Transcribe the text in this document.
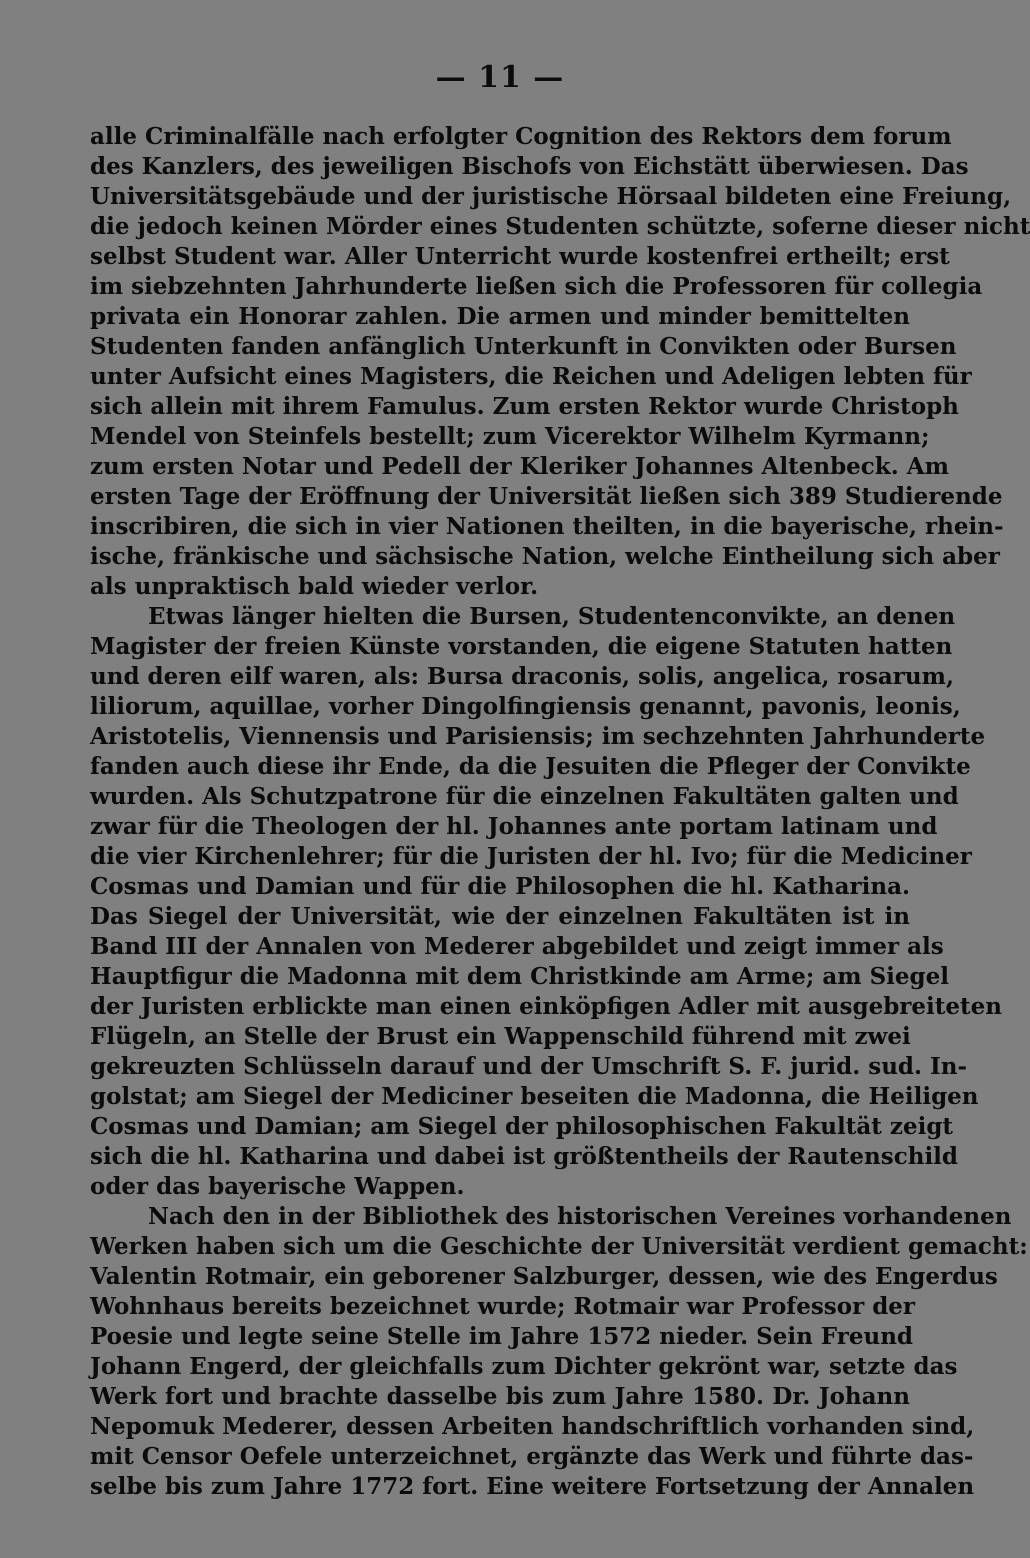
— 11 —
alle Criminalfälle nach erfolgter Cognition des Rektors dem forum
des Kanzlers, des jeweiligen Bischofs von Eichstätt überwiesen. Das
Universitätsgebäude und der juristische Hörsaal bildeten eine Freiung,
die jedoch keinen Mörder eines Studenten schützte, soferne dieser nicht
selbst Student war. Aller Unterricht wurde kostenfrei ertheilt; erst
im siebzehnten Jahrhunderte ließen sich die Professoren für collegia
privata ein Honorar zahlen. Die armen und minder bemittelten
Studenten fanden anfänglich Unterkunft in Convikten oder Bursen
unter Aufsicht eines Magisters, die Reichen und Adeligen lebten für
sich allein mit ihrem Famulus. Zum ersten Rektor wurde Christoph
Mendel von Steinfels bestellt; zum Vicerektor Wilhelm Kyrmann;
zum ersten Notar und Pedell der Kleriker Johannes Altenbeck. Am
ersten Tage der Eröffnung der Universität ließen sich 389 Studierende
inscribiren, die sich in vier Nationen theilten, in die bayerische, rhein-
ische, fränkische und sächsische Nation, welche Eintheilung sich aber
als unpraktisch bald wieder verlor.
Etwas länger hielten die Bursen, Studentenconvikte, an denen
Magister der freien Künste vorstanden, die eigene Statuten hatten
und deren eilf waren, als: Bursa draconis, solis, angelica, rosarum,
liliorum, aquillae, vorher Dingolfingiensis genannt, pavonis, leonis,
Aristotelis, Viennensis und Parisiensis; im sechzehnten Jahrhunderte
fanden auch diese ihr Ende, da die Jesuiten die Pfleger der Convikte
wurden. Als Schutzpatrone für die einzelnen Fakultäten galten und
zwar für die Theologen der hl. Johannes ante portam latinam und
die vier Kirchenlehrer; für die Juristen der hl. Ivo; für die Mediciner
Cosmas und Damian und für die Philosophen die hl. Katharina.
Das Siegel der Universität, wie der einzelnen Fakultäten ist in
Band III der Annalen von Mederer abgebildet und zeigt immer als
Hauptfigur die Madonna mit dem Christkinde am Arme; am Siegel
der Juristen erblickte man einen einköpfigen Adler mit ausgebreiteten
Flügeln, an Stelle der Brust ein Wappenschild führend mit zwei
gekreuzten Schlüsseln darauf und der Umschrift S. F. jurid. sud. In-
golstat; am Siegel der Mediciner beseiten die Madonna, die Heiligen
Cosmas und Damian; am Siegel der philosophischen Fakultät zeigt
sich die hl. Katharina und dabei ist größtentheils der Rautenschild
oder das bayerische Wappen.
Nach den in der Bibliothek des historischen Vereines vorhandenen
Werken haben sich um die Geschichte der Universität verdient gemacht:
Valentin Rotmair, ein geborener Salzburger, dessen, wie des Engerdus
Wohnhaus bereits bezeichnet wurde; Rotmair war Professor der
Poesie und legte seine Stelle im Jahre 1572 nieder. Sein Freund
Johann Engerd, der gleichfalls zum Dichter gekrönt war, setzte das
Werk fort und brachte dasselbe bis zum Jahre 1580. Dr. Johann
Nepomuk Mederer, dessen Arbeiten handschriftlich vorhanden sind,
mit Censor Oefele unterzeichnet, ergänzte das Werk und führte das-
selbe bis zum Jahre 1772 fort. Eine weitere Fortsetzung der Annalen
